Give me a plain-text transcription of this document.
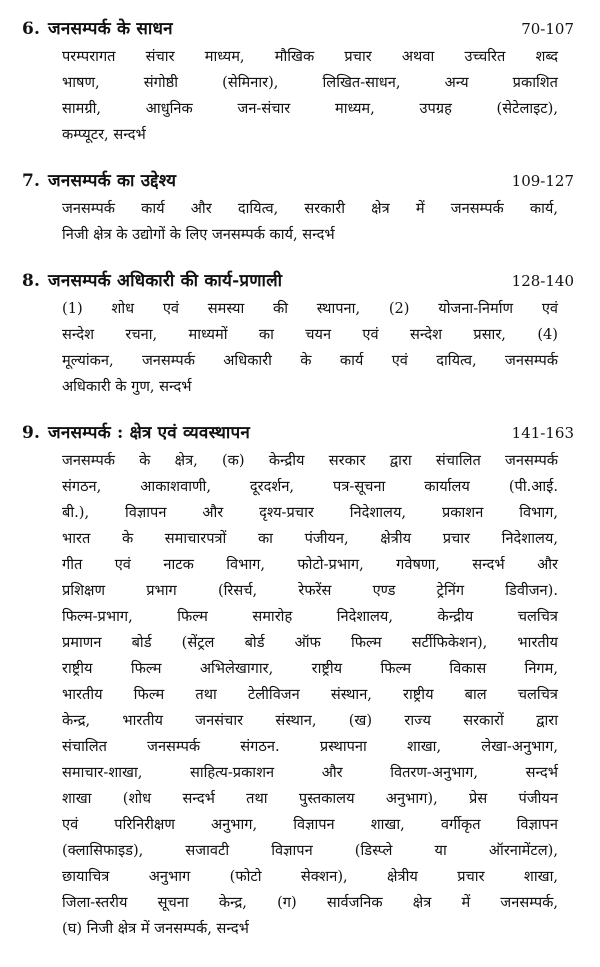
6. जनसम्पर्क के साधन	70-107
परम्परागत संचार माध्यम, मौखिक प्रचार अथवा उच्चरित शब्द
भाषण, संगोष्ठी (सेमिनार), लिखित-साधन, अन्य प्रकाशित
सामग्री, आधुनिक जन-संचार माध्यम, उपग्रह (सेटेलाइट),
कम्प्यूटर, सन्दर्भ
7. जनसम्पर्क का उद्देश्य	109-127
जनसम्पर्क कार्य और दायित्व, सरकारी क्षेत्र में जनसम्पर्क कार्य,
निजी क्षेत्र के उद्योगों के लिए जनसम्पर्क कार्य, सन्दर्भ
8. जनसम्पर्क अधिकारी की कार्य-प्रणाली	128-140
(1) शोध एवं समस्या की स्थापना, (2) योजना-निर्माण एवं
सन्देश रचना, माध्यमों का चयन एवं सन्देश प्रसार, (4)
मूल्यांकन, जनसम्पर्क अधिकारी के कार्य एवं दायित्व, जनसम्पर्क
अधिकारी के गुण, सन्दर्भ
9. जनसम्पर्क : क्षेत्र एवं व्यवस्थापन	141-163
जनसम्पर्क के क्षेत्र, (क) केन्द्रीय सरकार द्वारा संचालित जनसम्पर्क
संगठन, आकाशवाणी, दूरदर्शन, पत्र-सूचना कार्यालय (पी.आई.
बी.), विज्ञापन और दृश्य-प्रचार निदेशालय, प्रकाशन विभाग,
भारत के समाचारपत्रों का पंजीयन, क्षेत्रीय प्रचार निदेशालय,
गीत एवं नाटक विभाग, फोटो-प्रभाग, गवेषणा, सन्दर्भ और
प्रशिक्षण प्रभाग (रिसर्च, रेफरेंस एण्ड ट्रेनिंग डिवीजन).
फिल्म-प्रभाग, फिल्म समारोह निदेशालय, केन्द्रीय चलचित्र
प्रमाणन बोर्ड (सेंट्रल बोर्ड ऑफ फिल्म सर्टीफिकेशन), भारतीय
राष्ट्रीय फिल्म अभिलेखागार, राष्ट्रीय फिल्म विकास निगम,
भारतीय फिल्म तथा टेलीविजन संस्थान, राष्ट्रीय बाल चलचित्र
केन्द्र, भारतीय जनसंचार संस्थान, (ख) राज्य सरकारों द्वारा
संचालित जनसम्पर्क संगठन. प्रस्थापना शाखा, लेखा-अनुभाग,
समाचार-शाखा, साहित्य-प्रकाशन और वितरण-अनुभाग, सन्दर्भ
शाखा (शोध सन्दर्भ तथा पुस्तकालय अनुभाग), प्रेस पंजीयन
एवं परिनिरीक्षण अनुभाग, विज्ञापन शाखा, वर्गीकृत विज्ञापन
(क्लासिफाइड), सजावटी विज्ञापन (डिस्प्ले या ऑरनामेंटल),
छायाचित्र अनुभाग (फोटो सेक्शन), क्षेत्रीय प्रचार शाखा,
जिला-स्तरीय सूचना केन्द्र, (ग) सार्वजनिक क्षेत्र में जनसम्पर्क,
(घ) निजी क्षेत्र में जनसम्पर्क, सन्दर्भ
